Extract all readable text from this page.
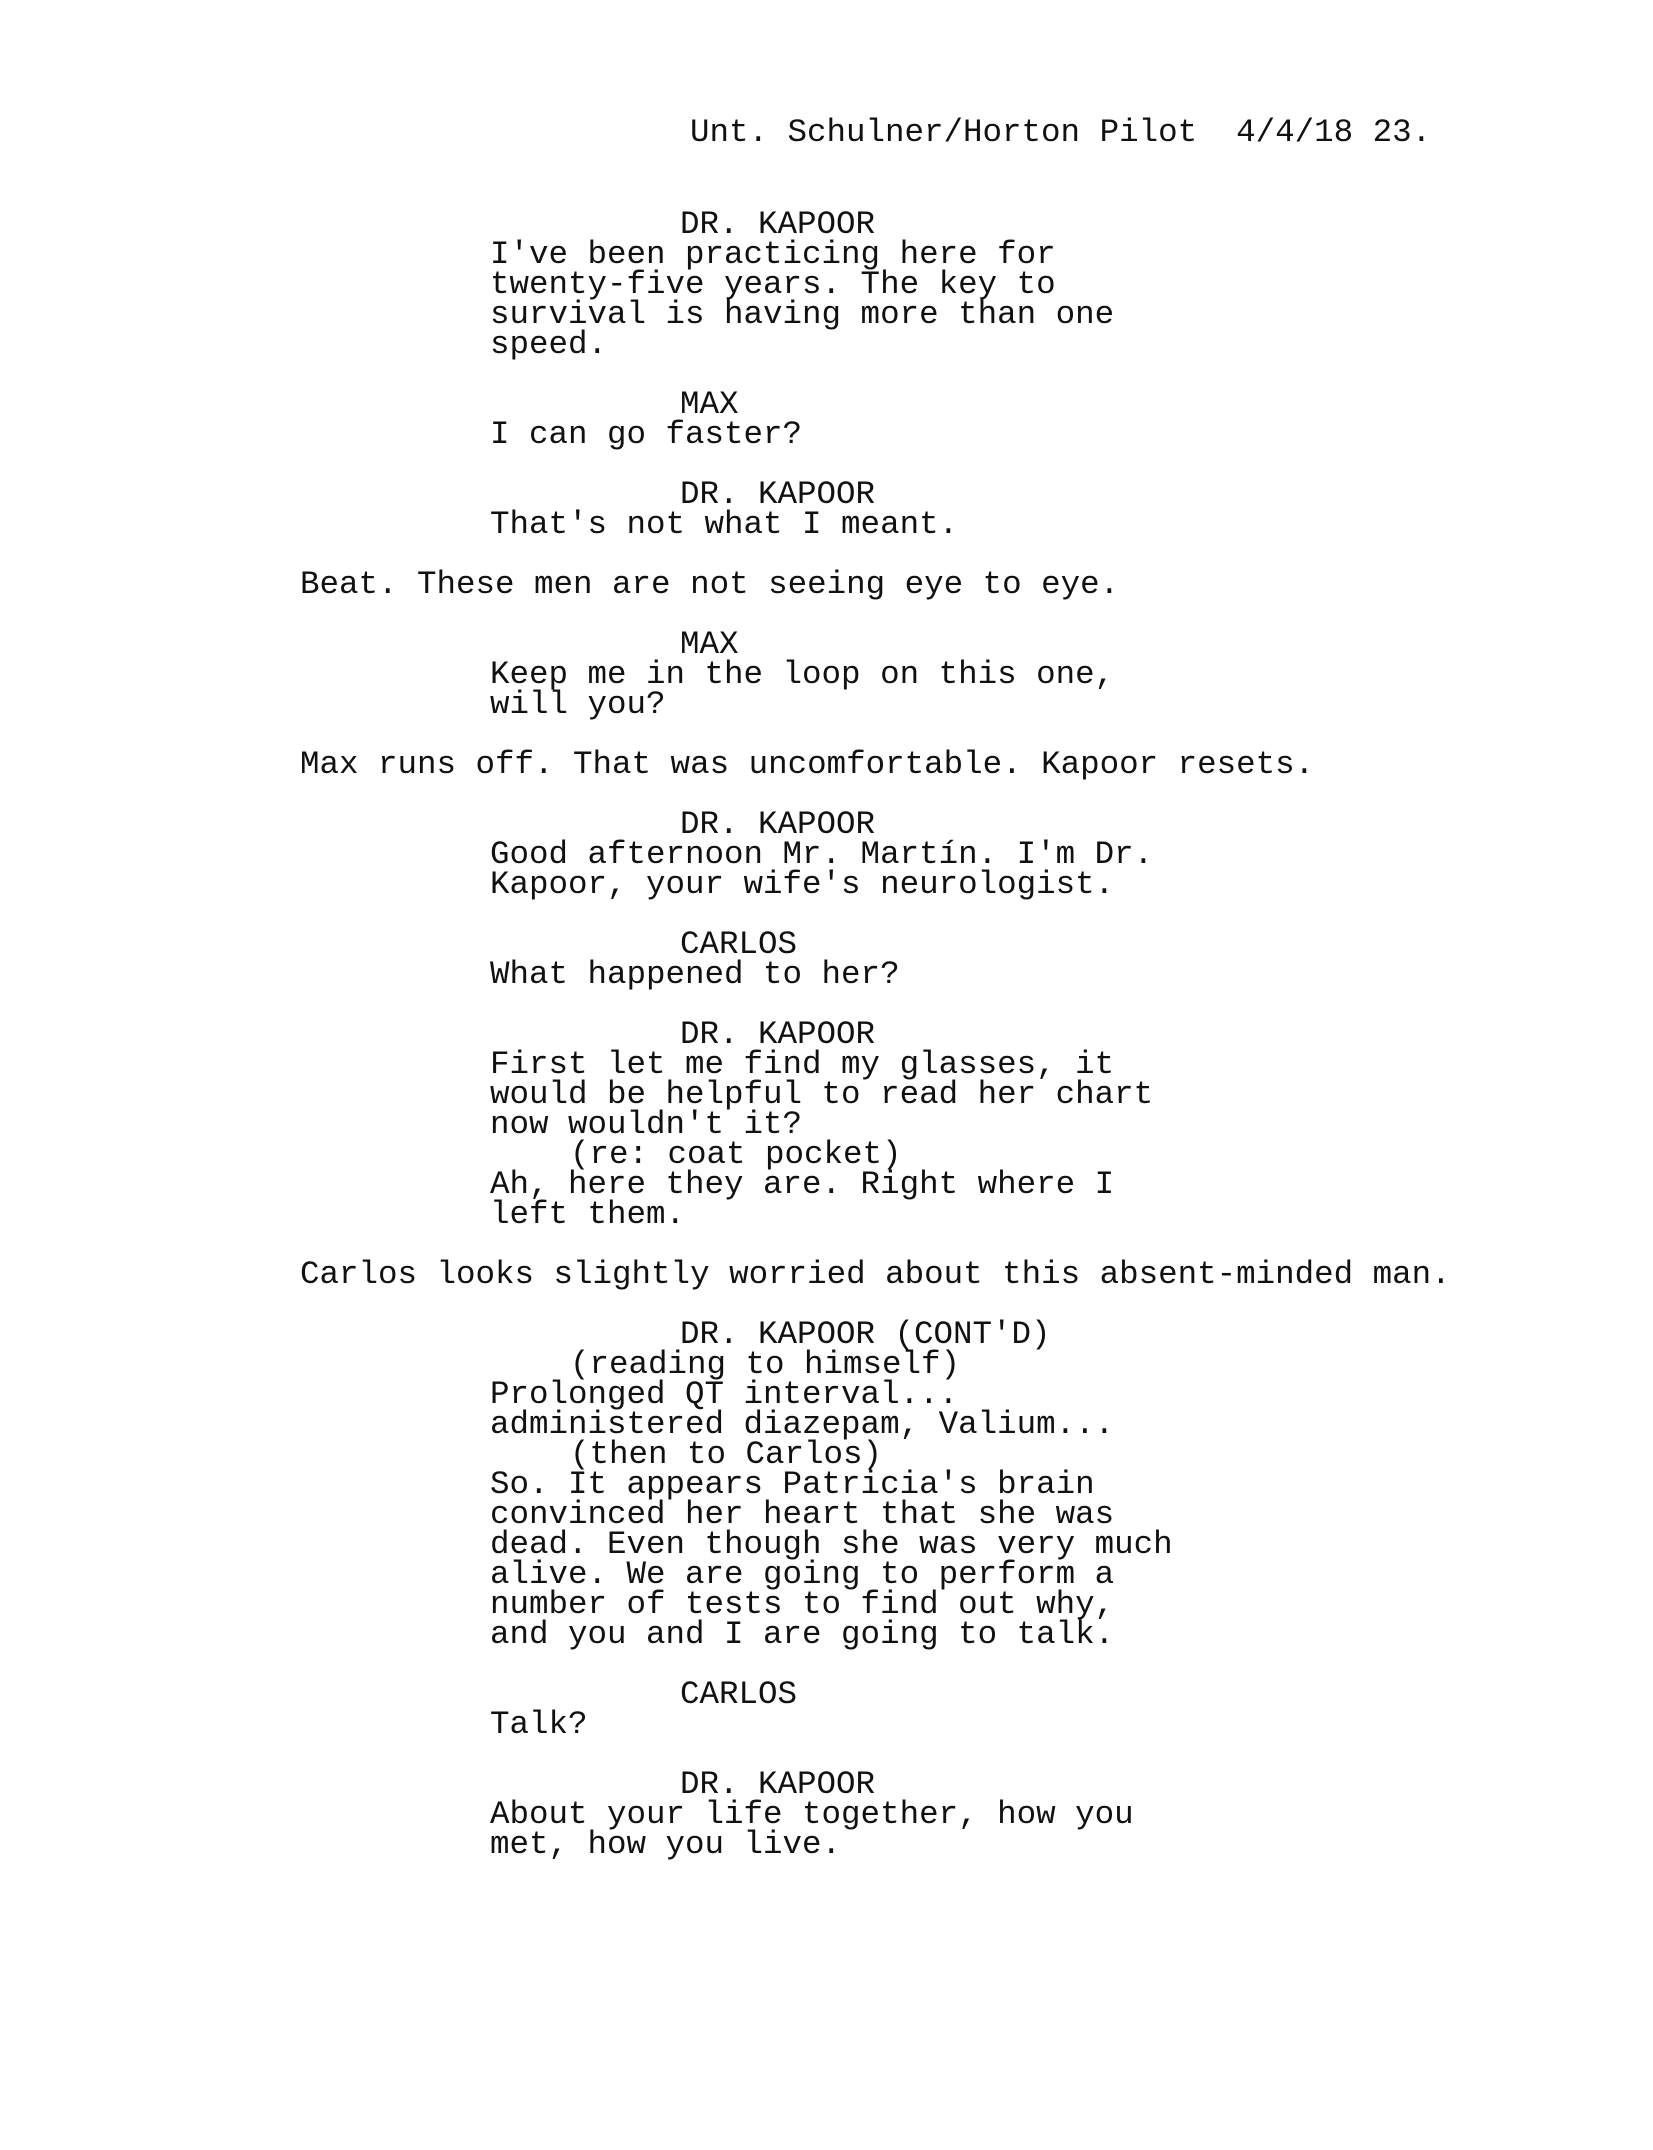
Unt. Schulner/Horton Pilot  4/4/18 23.
DR. KAPOOR
I've been practicing here for
twenty-five years. The key to
survival is having more than one
speed.
MAX
I can go faster?
DR. KAPOOR
That's not what I meant.
Beat. These men are not seeing eye to eye.
MAX
Keep me in the loop on this one,
will you?
Max runs off. That was uncomfortable. Kapoor resets.
DR. KAPOOR
Good afternoon Mr. Martín. I'm Dr.
Kapoor, your wife's neurologist.
CARLOS
What happened to her?
DR. KAPOOR
First let me find my glasses, it
would be helpful to read her chart
now wouldn't it?
(re: coat pocket)
Ah, here they are. Right where I
left them.
Carlos looks slightly worried about this absent-minded man.
DR. KAPOOR (CONT'D)
(reading to himself)
Prolonged QT interval...
administered diazepam, Valium...
(then to Carlos)
So. It appears Patricia's brain
convinced her heart that she was
dead. Even though she was very much
alive. We are going to perform a
number of tests to find out why,
and you and I are going to talk.
CARLOS
Talk?
DR. KAPOOR
About your life together, how you
met, how you live.
